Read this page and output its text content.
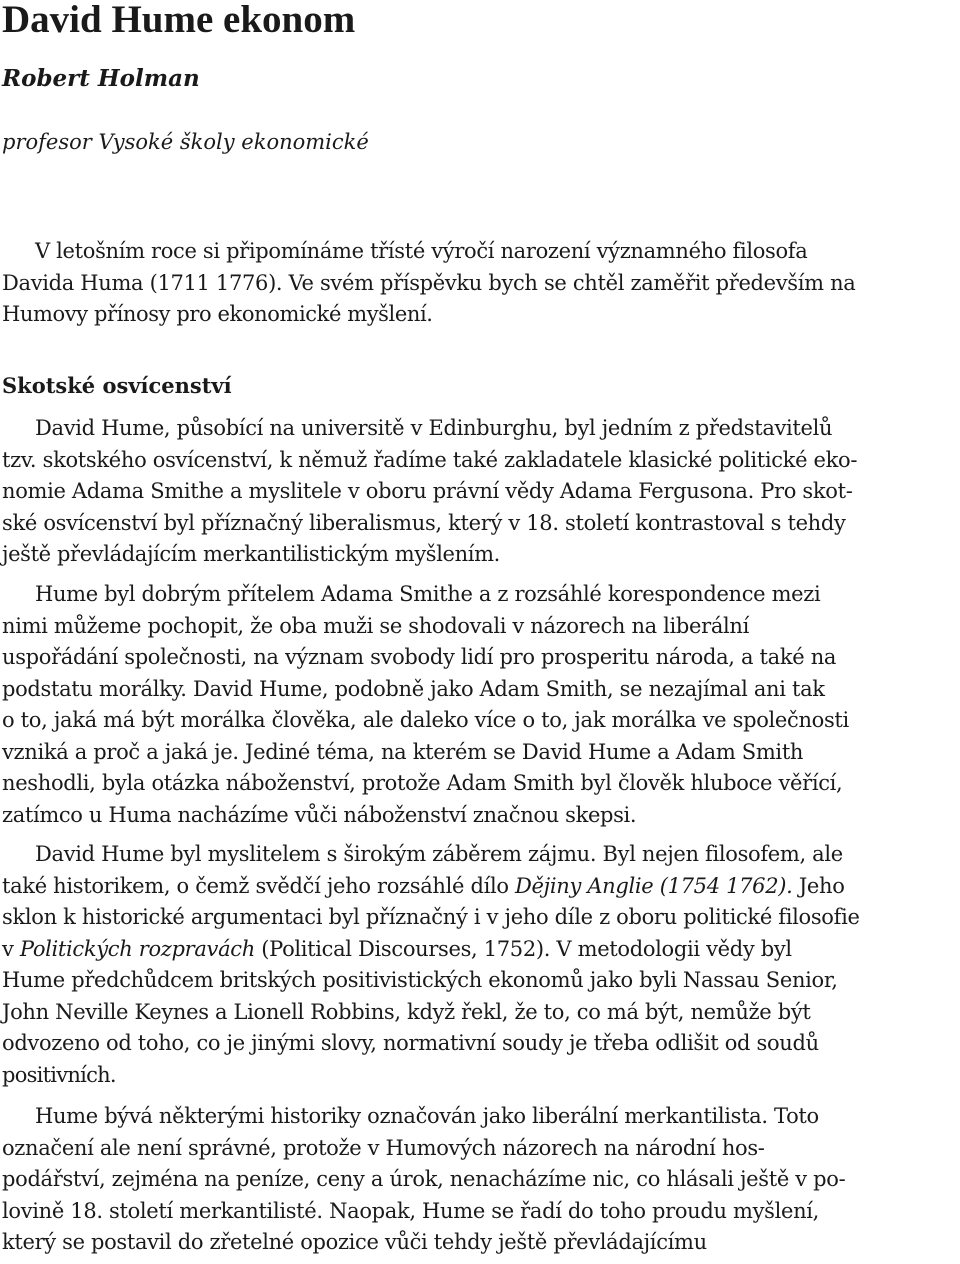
David Hume ekonom

Robert Holman

profesor Vysoké školy ekonomické

V letošním roce si připomínáme třísté výročí narození významného filosofa
Davida Huma (1711 1776). Ve svém příspěvku bych se chtěl zaměřit především na
Humovy přínosy pro ekonomické myšlení.
Skotské osvícenství
David Hume, působící na universitě v Edinburghu, byl jedním z představitelů
tzv. skotského osvícenství, k němuž řadíme také zakladatele klasické politické eko-
nomie Adama Smithe a myslitele v oboru právní vědy Adama Fergusona. Pro skot-
ské osvícenství byl příznačný liberalismus, který v 18. století kontrastoval s tehdy
ještě převládajícím merkantilistickým myšlením.
Hume byl dobrým přítelem Adama Smithe a z rozsáhlé korespondence mezi
nimi můžeme pochopit, že oba muži se shodovali v názorech na liberální
uspořádání společnosti, na význam svobody lidí pro prosperitu národa, a také na
podstatu morálky. David Hume, podobně jako Adam Smith, se nezajímal ani tak
o to, jaká má být morálka člověka, ale daleko více o to, jak morálka ve společnosti
vzniká a proč a jaká je. Jediné téma, na kterém se David Hume a Adam Smith
neshodli, byla otázka náboženství, protože Adam Smith byl člověk hluboce věřící,
zatímco u Huma nacházíme vůči náboženství značnou skepsi.
David Hume byl myslitelem s širokým záběrem zájmu. Byl nejen filosofem, ale
také historikem, o čemž svědčí jeho rozsáhlé dílo Dějiny Anglie (1754 1762). Jeho
sklon k historické argumentaci byl příznačný i v jeho díle z oboru politické filosofie
v Politických rozpravách (Political Discourses, 1752). V metodologii vědy byl
Hume předchůdcem britských positivistických ekonomů jako byli Nassau Senior,
John Neville Keynes a Lionell Robbins, když řekl, že to, co má být, nemůže být
odvozeno od toho, co je jinými slovy, normativní soudy je třeba odlišit od soudů
positivních.
Hume bývá některými historiky označován jako liberální merkantilista. Toto
označení ale není správné, protože v Humových názorech na národní hos-
podářství, zejména na peníze, ceny a úrok, nenacházíme nic, co hlásali ještě v po-
lovině 18. století merkantilisté. Naopak, Hume se řadí do toho proudu myšlení,
který se postavil do zřetelné opozice vůči tehdy ještě převládajícímu
